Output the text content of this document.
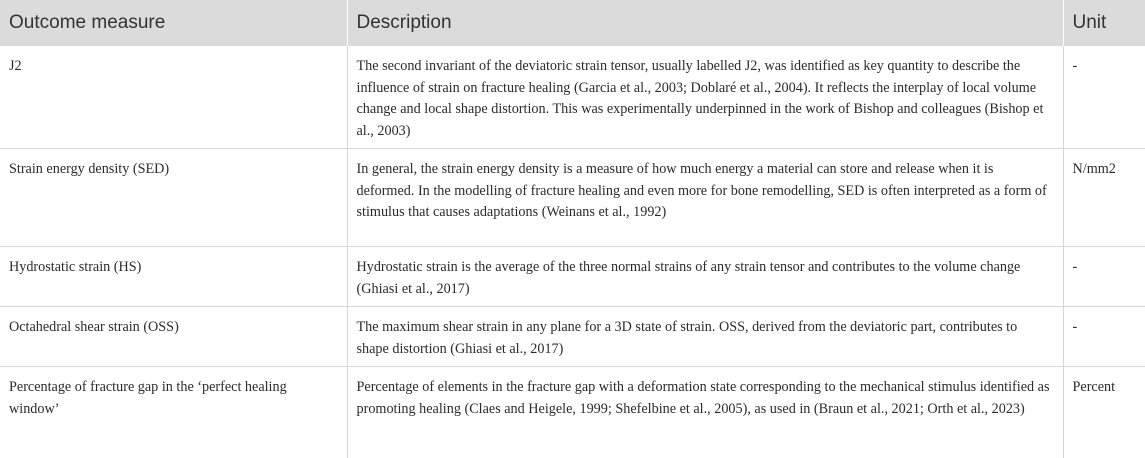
Outcome measure	Description	Unit
J2	The second invariant of the deviatoric strain tensor, usually labelled J2, was identified as key quantity to describe the influence of strain on fracture healing (Garcia et al., 2003; Doblaré et al., 2004). It reflects the interplay of local volume change and local shape distortion. This was experimentally underpinned in the work of Bishop and colleagues (Bishop et al., 2003)	-
Strain energy density (SED)	In general, the strain energy density is a measure of how much energy a material can store and release when it is deformed. In the modelling of fracture healing and even more for bone remodelling, SED is often interpreted as a form of stimulus that causes adaptations (Weinans et al., 1992)	N/mm2
Hydrostatic strain (HS)	Hydrostatic strain is the average of the three normal strains of any strain tensor and contributes to the volume change (Ghiasi et al., 2017)	-
Octahedral shear strain (OSS)	The maximum shear strain in any plane for a 3D state of strain. OSS, derived from the deviatoric part, contributes to shape distortion (Ghiasi et al., 2017)	-
Percentage of fracture gap in the ‘perfect healing window’	Percentage of elements in the fracture gap with a deformation state corresponding to the mechanical stimulus identified as promoting healing (Claes and Heigele, 1999; Shefelbine et al., 2005), as used in (Braun et al., 2021; Orth et al., 2023)	Percent
